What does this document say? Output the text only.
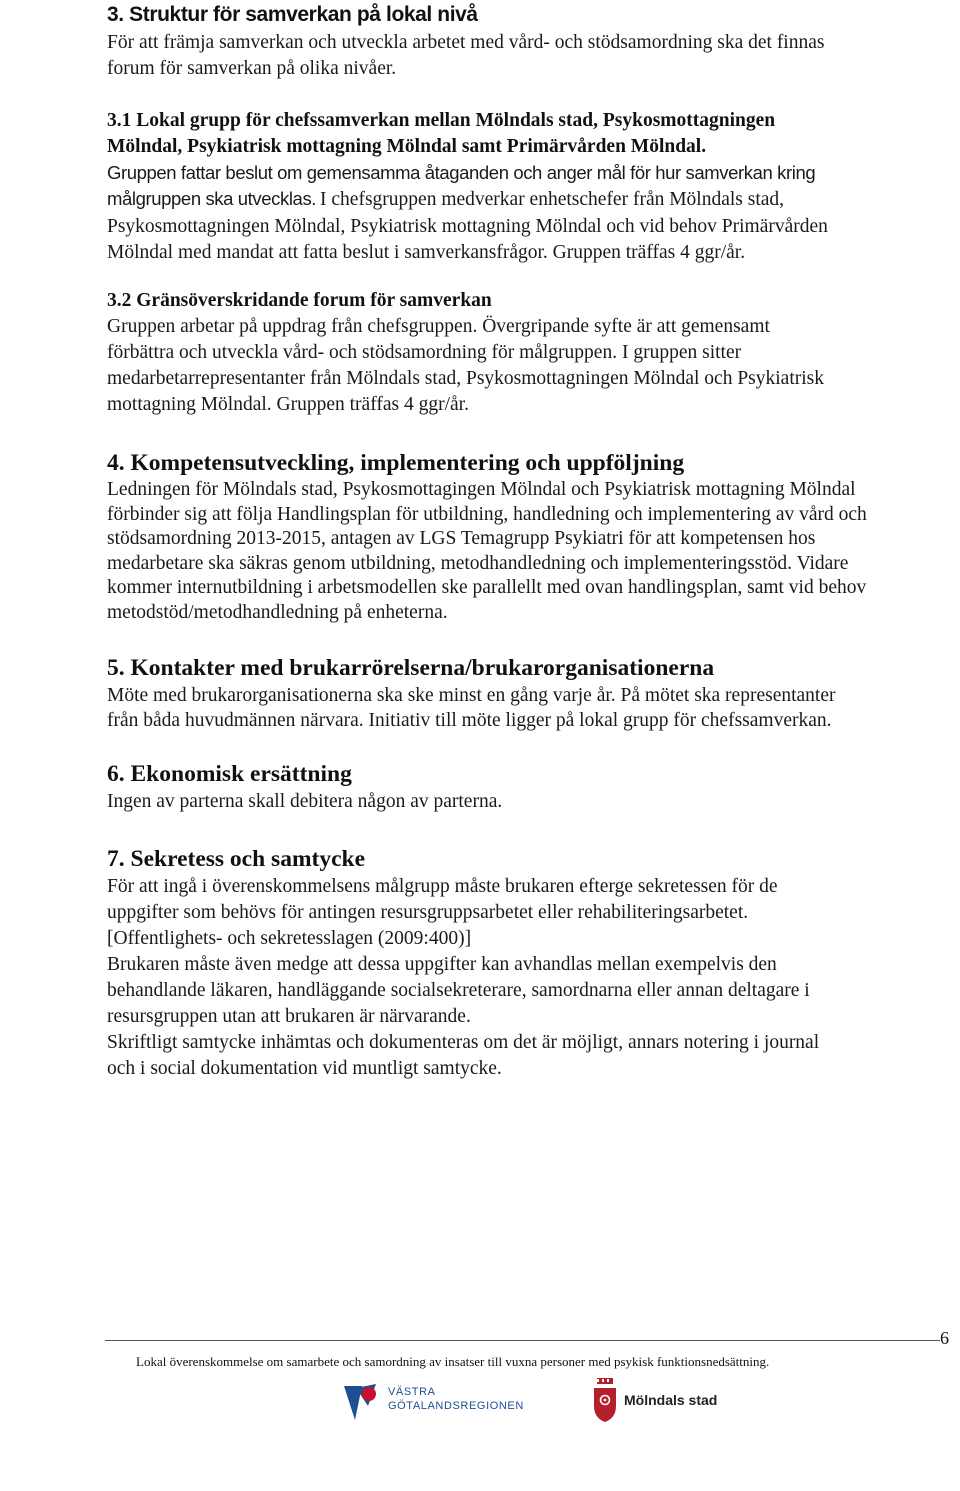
3. Struktur för samverkan på lokal nivå
För att främja samverkan och utveckla arbetet med vård- och stödsamordning ska det finnas
forum för samverkan på olika nivåer.
3.1 Lokal grupp för chefssamverkan mellan Mölndals stad, Psykosmottagningen
Mölndal, Psykiatrisk mottagning Mölndal samt Primärvården Mölndal.
Gruppen fattar beslut om gemensamma åtaganden och anger mål för hur samverkan kring
målgruppen ska utvecklas. I chefsgruppen medverkar enhetschefer från Mölndals stad,
Psykosmottagningen Mölndal, Psykiatrisk mottagning Mölndal och vid behov Primärvården
Mölndal med mandat att fatta beslut i samverkansfrågor. Gruppen träffas 4 ggr/år.
3.2 Gränsöverskridande forum för samverkan
Gruppen arbetar på uppdrag från chefsgruppen. Övergripande syfte är att gemensamt
förbättra och utveckla vård- och stödsamordning för målgruppen. I gruppen sitter
medarbetarrepresentanter från Mölndals stad, Psykosmottagningen Mölndal och Psykiatrisk
mottagning Mölndal. Gruppen träffas 4 ggr/år.
4. Kompetensutveckling, implementering och uppföljning
Ledningen för Mölndals stad, Psykosmottagingen Mölndal och Psykiatrisk mottagning Mölndal
förbinder sig att följa Handlingsplan för utbildning, handledning och implementering av vård och
stödsamordning 2013-2015, antagen av LGS Temagrupp Psykiatri för att kompetensen hos
medarbetare ska säkras genom utbildning, metodhandledning och implementeringsstöd. Vidare
kommer internutbildning i arbetsmodellen ske parallellt med ovan handlingsplan, samt vid behov
metodstöd/metodhandledning på enheterna.
5. Kontakter med brukarrörelserna/brukarorganisationerna
Möte med brukarorganisationerna ska ske minst en gång varje år. På mötet ska representanter
från båda huvudmännen närvara. Initiativ till möte ligger på lokal grupp för chefssamverkan.
6. Ekonomisk ersättning
Ingen av parterna skall debitera någon av parterna.
7. Sekretess och samtycke
För att ingå i överenskommelsens målgrupp måste brukaren efterge sekretessen för de
uppgifter som behövs för antingen resursgruppsarbetet eller rehabiliteringsarbetet.
[Offentlighets- och sekretesslagen (2009:400)]
Brukaren måste även medge att dessa uppgifter kan avhandlas mellan exempelvis den
behandlande läkaren, handläggande socialsekreterare, samordnarna eller annan deltagare i
resursgruppen utan att brukaren är närvarande.
Skriftligt samtycke inhämtas och dokumenteras om det är möjligt, annars notering i journal
och i social dokumentation vid muntligt samtycke.
6
Lokal överenskommelse om samarbete och samordning av insatser till vuxna personer med psykisk funktionsnedsättning.
VÄSTRA
GÖTALANDSREGIONEN	Mölndals stad
